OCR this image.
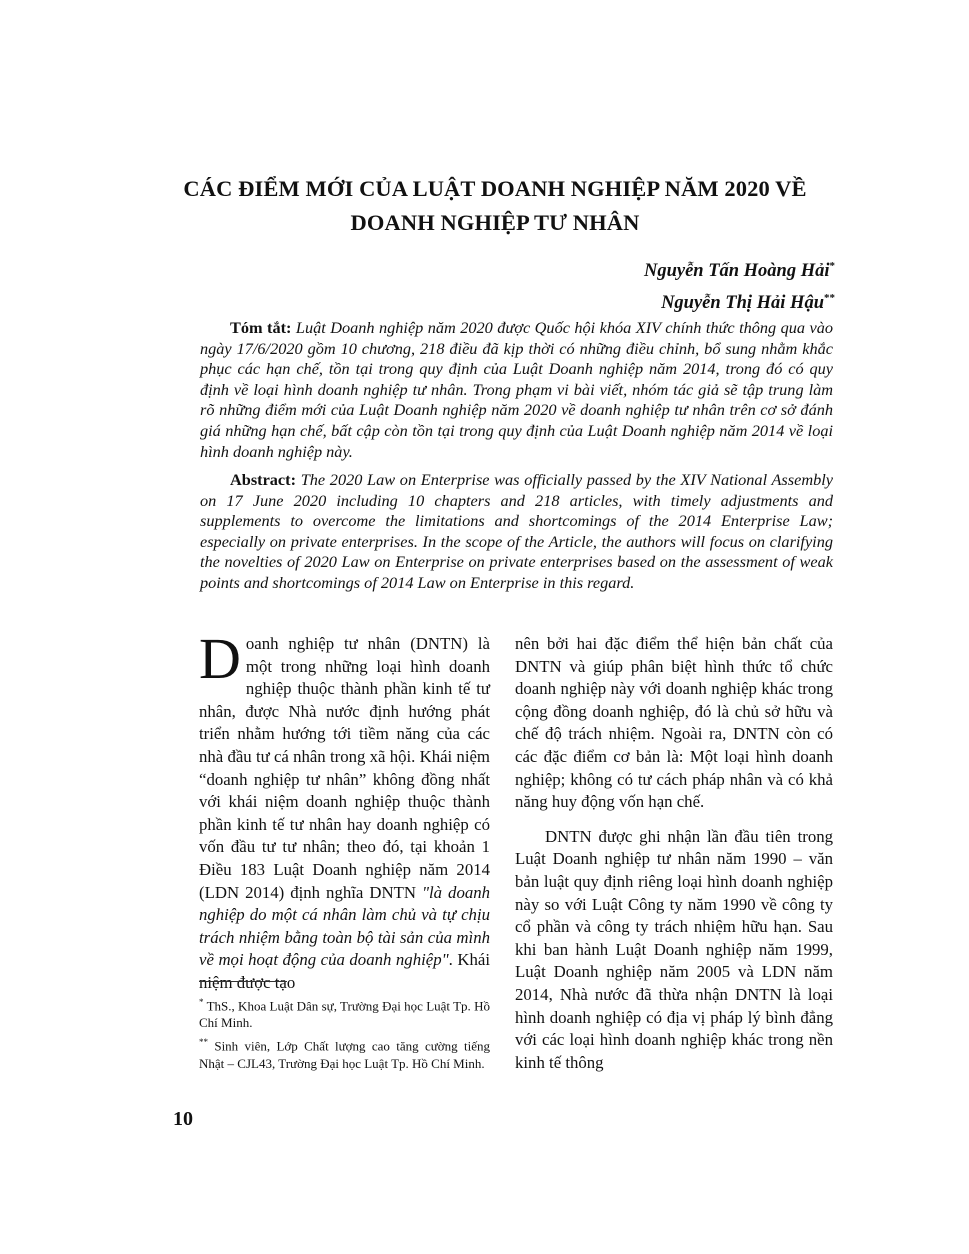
CÁC ĐIỂM MỚI CỦA LUẬT DOANH NGHIỆP NĂM 2020 VỀ
DOANH NGHIỆP TƯ NHÂN
Nguyễn Tấn Hoàng Hải*
Nguyễn Thị Hải Hậu**
Tóm tắt: Luật Doanh nghiệp năm 2020 được Quốc hội khóa XIV chính thức thông qua vào ngày 17/6/2020 gồm 10 chương, 218 điều đã kịp thời có những điều chỉnh, bổ sung nhằm khắc phục các hạn chế, tồn tại trong quy định của Luật Doanh nghiệp năm 2014, trong đó có quy định về loại hình doanh nghiệp tư nhân. Trong phạm vi bài viết, nhóm tác giả sẽ tập trung làm rõ những điểm mới của Luật Doanh nghiệp năm 2020 về doanh nghiệp tư nhân trên cơ sở đánh giá những hạn chế, bất cập còn tồn tại trong quy định của Luật Doanh nghiệp năm 2014 về loại hình doanh nghiệp này.
Abstract: The 2020 Law on Enterprise was officially passed by the XIV National Assembly on 17 June 2020 including 10 chapters and 218 articles, with timely adjustments and supplements to overcome the limitations and shortcomings of the 2014 Enterprise Law; especially on private enterprises. In the scope of the Article, the authors will focus on clarifying the novelties of 2020 Law on Enterprise on private enterprises based on the assessment of weak points and shortcomings of 2014 Law on Enterprise in this regard.

Doanh nghiệp tư nhân (DNTN) là một trong những loại hình doanh nghiệp thuộc thành phần kinh tế tư nhân, được Nhà nước định hướng phát triển nhằm hướng tới tiềm năng của các nhà đầu tư cá nhân trong xã hội. Khái niệm “doanh nghiệp tư nhân” không đồng nhất với khái niệm doanh nghiệp thuộc thành phần kinh tế tư nhân hay doanh nghiệp có vốn đầu tư tư nhân; theo đó, tại khoản 1 Điều 183 Luật Doanh nghiệp năm 2014 (LDN 2014) định nghĩa DNTN "là doanh nghiệp do một cá nhân làm chủ và tự chịu trách nhiệm bằng toàn bộ tài sản của mình về mọi hoạt động của doanh nghiệp". Khái niệm được tạo

nên bởi hai đặc điểm thể hiện bản chất của DNTN và giúp phân biệt hình thức tổ chức doanh nghiệp này với doanh nghiệp khác trong cộng đồng doanh nghiệp, đó là chủ sở hữu và chế độ trách nhiệm. Ngoài ra, DNTN còn có các đặc điểm cơ bản là: Một loại hình doanh nghiệp; không có tư cách pháp nhân và có khả năng huy động vốn hạn chế.

DNTN được ghi nhận lần đầu tiên trong Luật Doanh nghiệp tư nhân năm 1990 – văn bản luật quy định riêng loại hình doanh nghiệp này so với Luật Công ty năm 1990 về công ty cổ phần và công ty trách nhiệm hữu hạn. Sau khi ban hành Luật Doanh nghiệp năm 1999, Luật Doanh nghiệp năm 2005 và LDN năm 2014, Nhà nước đã thừa nhận DNTN là loại hình doanh nghiệp có địa vị pháp lý bình đẳng với các loại hình doanh nghiệp khác trong nền kinh tế thông

* ThS., Khoa Luật Dân sự, Trường Đại học Luật Tp. Hồ Chí Minh.

** Sinh viên, Lớp Chất lượng cao tăng cường tiếng Nhật – CJL43, Trường Đại học Luật Tp. Hồ Chí Minh.

10
